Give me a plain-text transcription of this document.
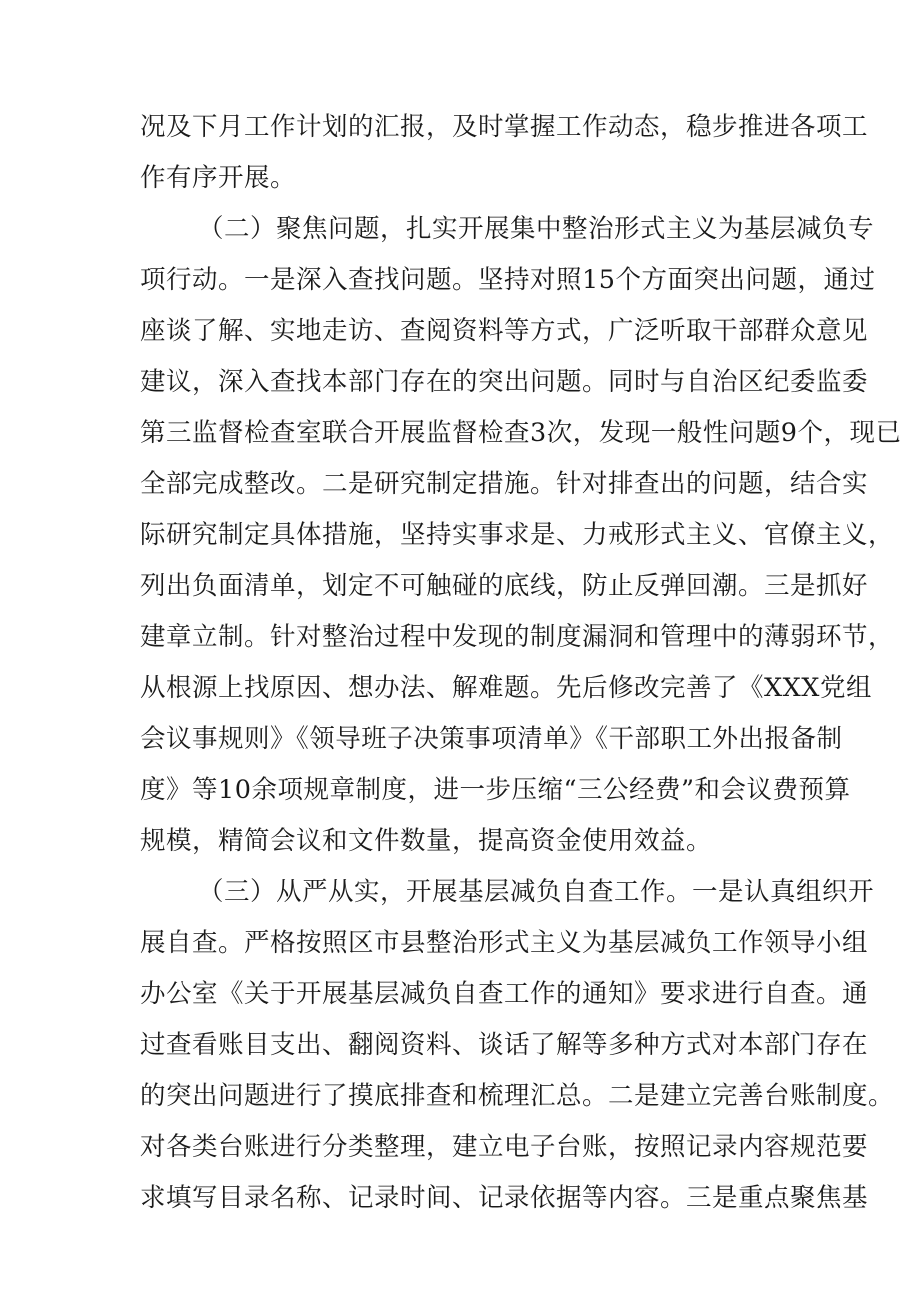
况及下月工作计划的汇报，及时掌握工作动态，稳步推进各项工
作有序开展。
（二）聚焦问题，扎实开展集中整治形式主义为基层减负专
项行动。一是深入查找问题。坚持对照15个方面突出问题，通过
座谈了解、实地走访、查阅资料等方式，广泛听取干部群众意见
建议，深入查找本部门存在的突出问题。同时与自治区纪委监委
第三监督检查室联合开展监督检查3次，发现一般性问题9个，现已
全部完成整改。二是研究制定措施。针对排查出的问题，结合实
际研究制定具体措施，坚持实事求是、力戒形式主义、官僚主义，
列出负面清单，划定不可触碰的底线，防止反弹回潮。三是抓好
建章立制。针对整治过程中发现的制度漏洞和管理中的薄弱环节，
从根源上找原因、想办法、解难题。先后修改完善了《XXX党组
会议事规则》《领导班子决策事项清单》《干部职工外出报备制
度》等10余项规章制度，进一步压缩“三公经费”和会议费预算
规模，精简会议和文件数量，提高资金使用效益。
（三）从严从实，开展基层减负自查工作。一是认真组织开
展自查。严格按照区市县整治形式主义为基层减负工作领导小组
办公室《关于开展基层减负自查工作的通知》要求进行自查。通
过查看账目支出、翻阅资料、谈话了解等多种方式对本部门存在
的突出问题进行了摸底排查和梳理汇总。二是建立完善台账制度。
对各类台账进行分类整理，建立电子台账，按照记录内容规范要
求填写目录名称、记录时间、记录依据等内容。三是重点聚焦基
